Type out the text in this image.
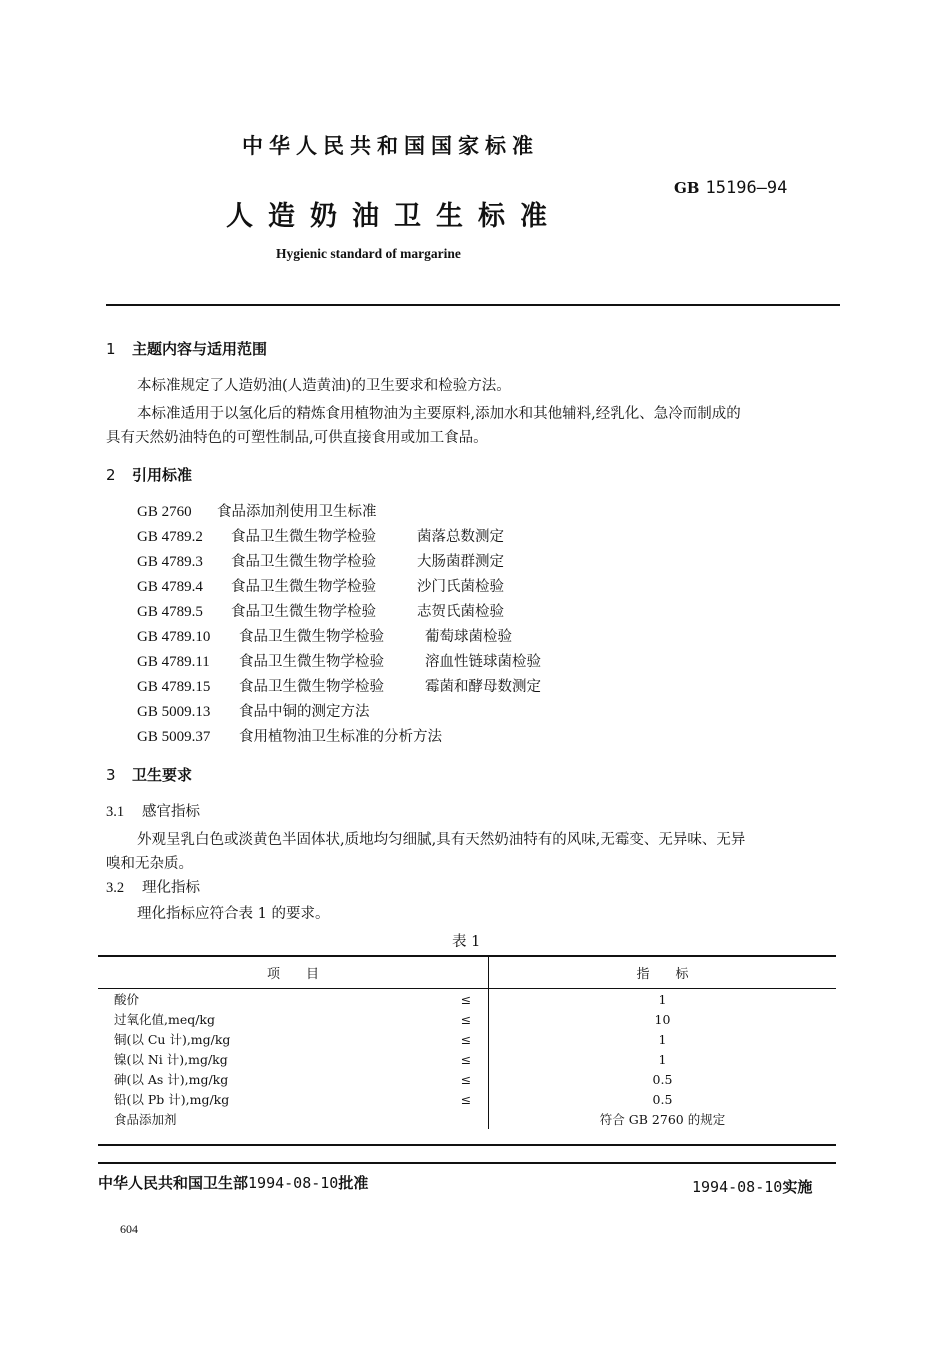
中华人民共和国国家标准
GB 15196—94
人造奶油卫生标准
Hygienic standard of margarine
1 主题内容与适用范围
本标准规定了人造奶油(人造黄油)的卫生要求和检验方法。
本标准适用于以氢化后的精炼食用植物油为主要原料,添加水和其他辅料,经乳化、急冷而制成的
具有天然奶油特色的可塑性制品,可供直接食用或加工食品。
2 引用标准
GB 2760 食品添加剂使用卫生标准
GB 4789.2 食品卫生微生物学检验	菌落总数测定
GB 4789.3 食品卫生微生物学检验	大肠菌群测定
GB 4789.4 食品卫生微生物学检验	沙门氏菌检验
GB 4789.5 食品卫生微生物学检验	志贺氏菌检验
GB 4789.10 食品卫生微生物学检验	葡萄球菌检验
GB 4789.11 食品卫生微生物学检验	溶血性链球菌检验
GB 4789.15 食品卫生微生物学检验	霉菌和酵母数测定
GB 5009.13 食品中铜的测定方法
GB 5009.37 食用植物油卫生标准的分析方法
3 卫生要求
3.1 感官指标
外观呈乳白色或淡黄色半固体状,质地均匀细腻,具有天然奶油特有的风味,无霉变、无异味、无异
嗅和无杂质。
3.2 理化指标
理化指标应符合表 1 的要求。
表 1
项　　目		指　　标
酸价	≤	1
过氧化值,meq/kg	≤	10
铜(以 Cu 计),mg/kg	≤	1
镍(以 Ni 计),mg/kg	≤	1
砷(以 As 计),mg/kg	≤	0.5
铅(以 Pb 计),mg/kg	≤	0.5
食品添加剂		符合 GB 2760 的规定
中华人民共和国卫生部1994-08-10批准	1994-08-10实施
604
